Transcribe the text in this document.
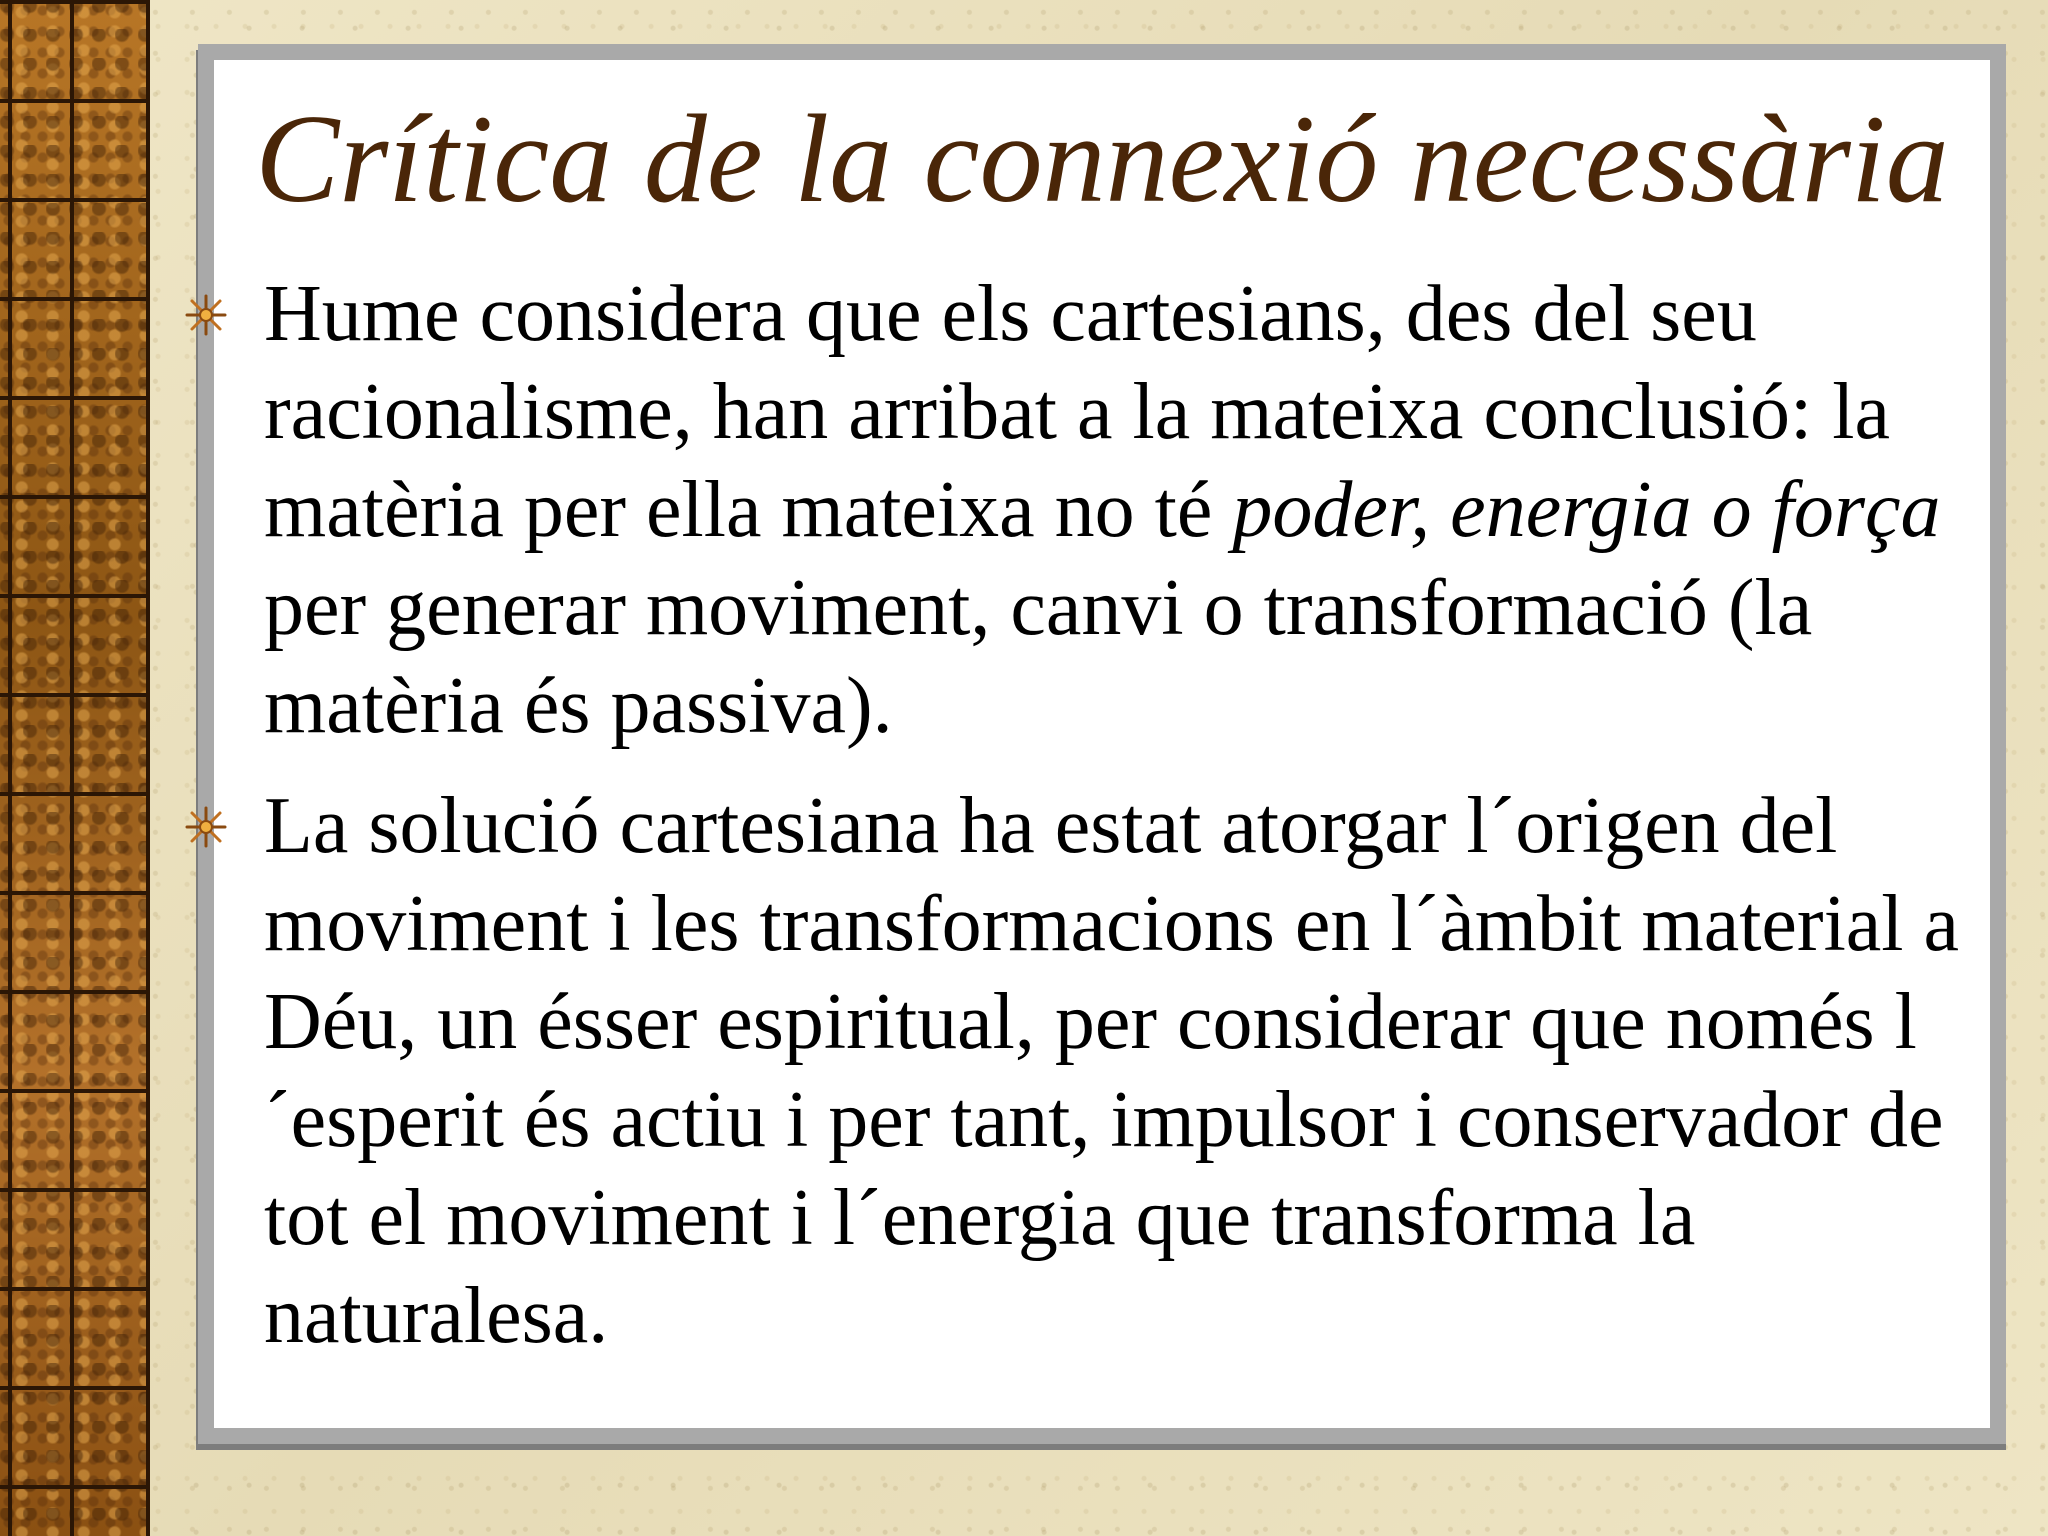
Crítica de la connexió necessària
Hume considera que els cartesians, des del seu racionalisme, han arribat a la mateixa conclusió: la matèria per ella mateixa no té poder, energia o força per generar moviment, canvi o transformació (la matèria és passiva).
La solució cartesiana ha estat atorgar l´origen del moviment i les transformacions en l´àmbit material a Déu, un ésser espiritual, per considerar que només l´esperit és actiu i per tant, impulsor i conservador de tot el moviment i l´energia que transforma la naturalesa.
